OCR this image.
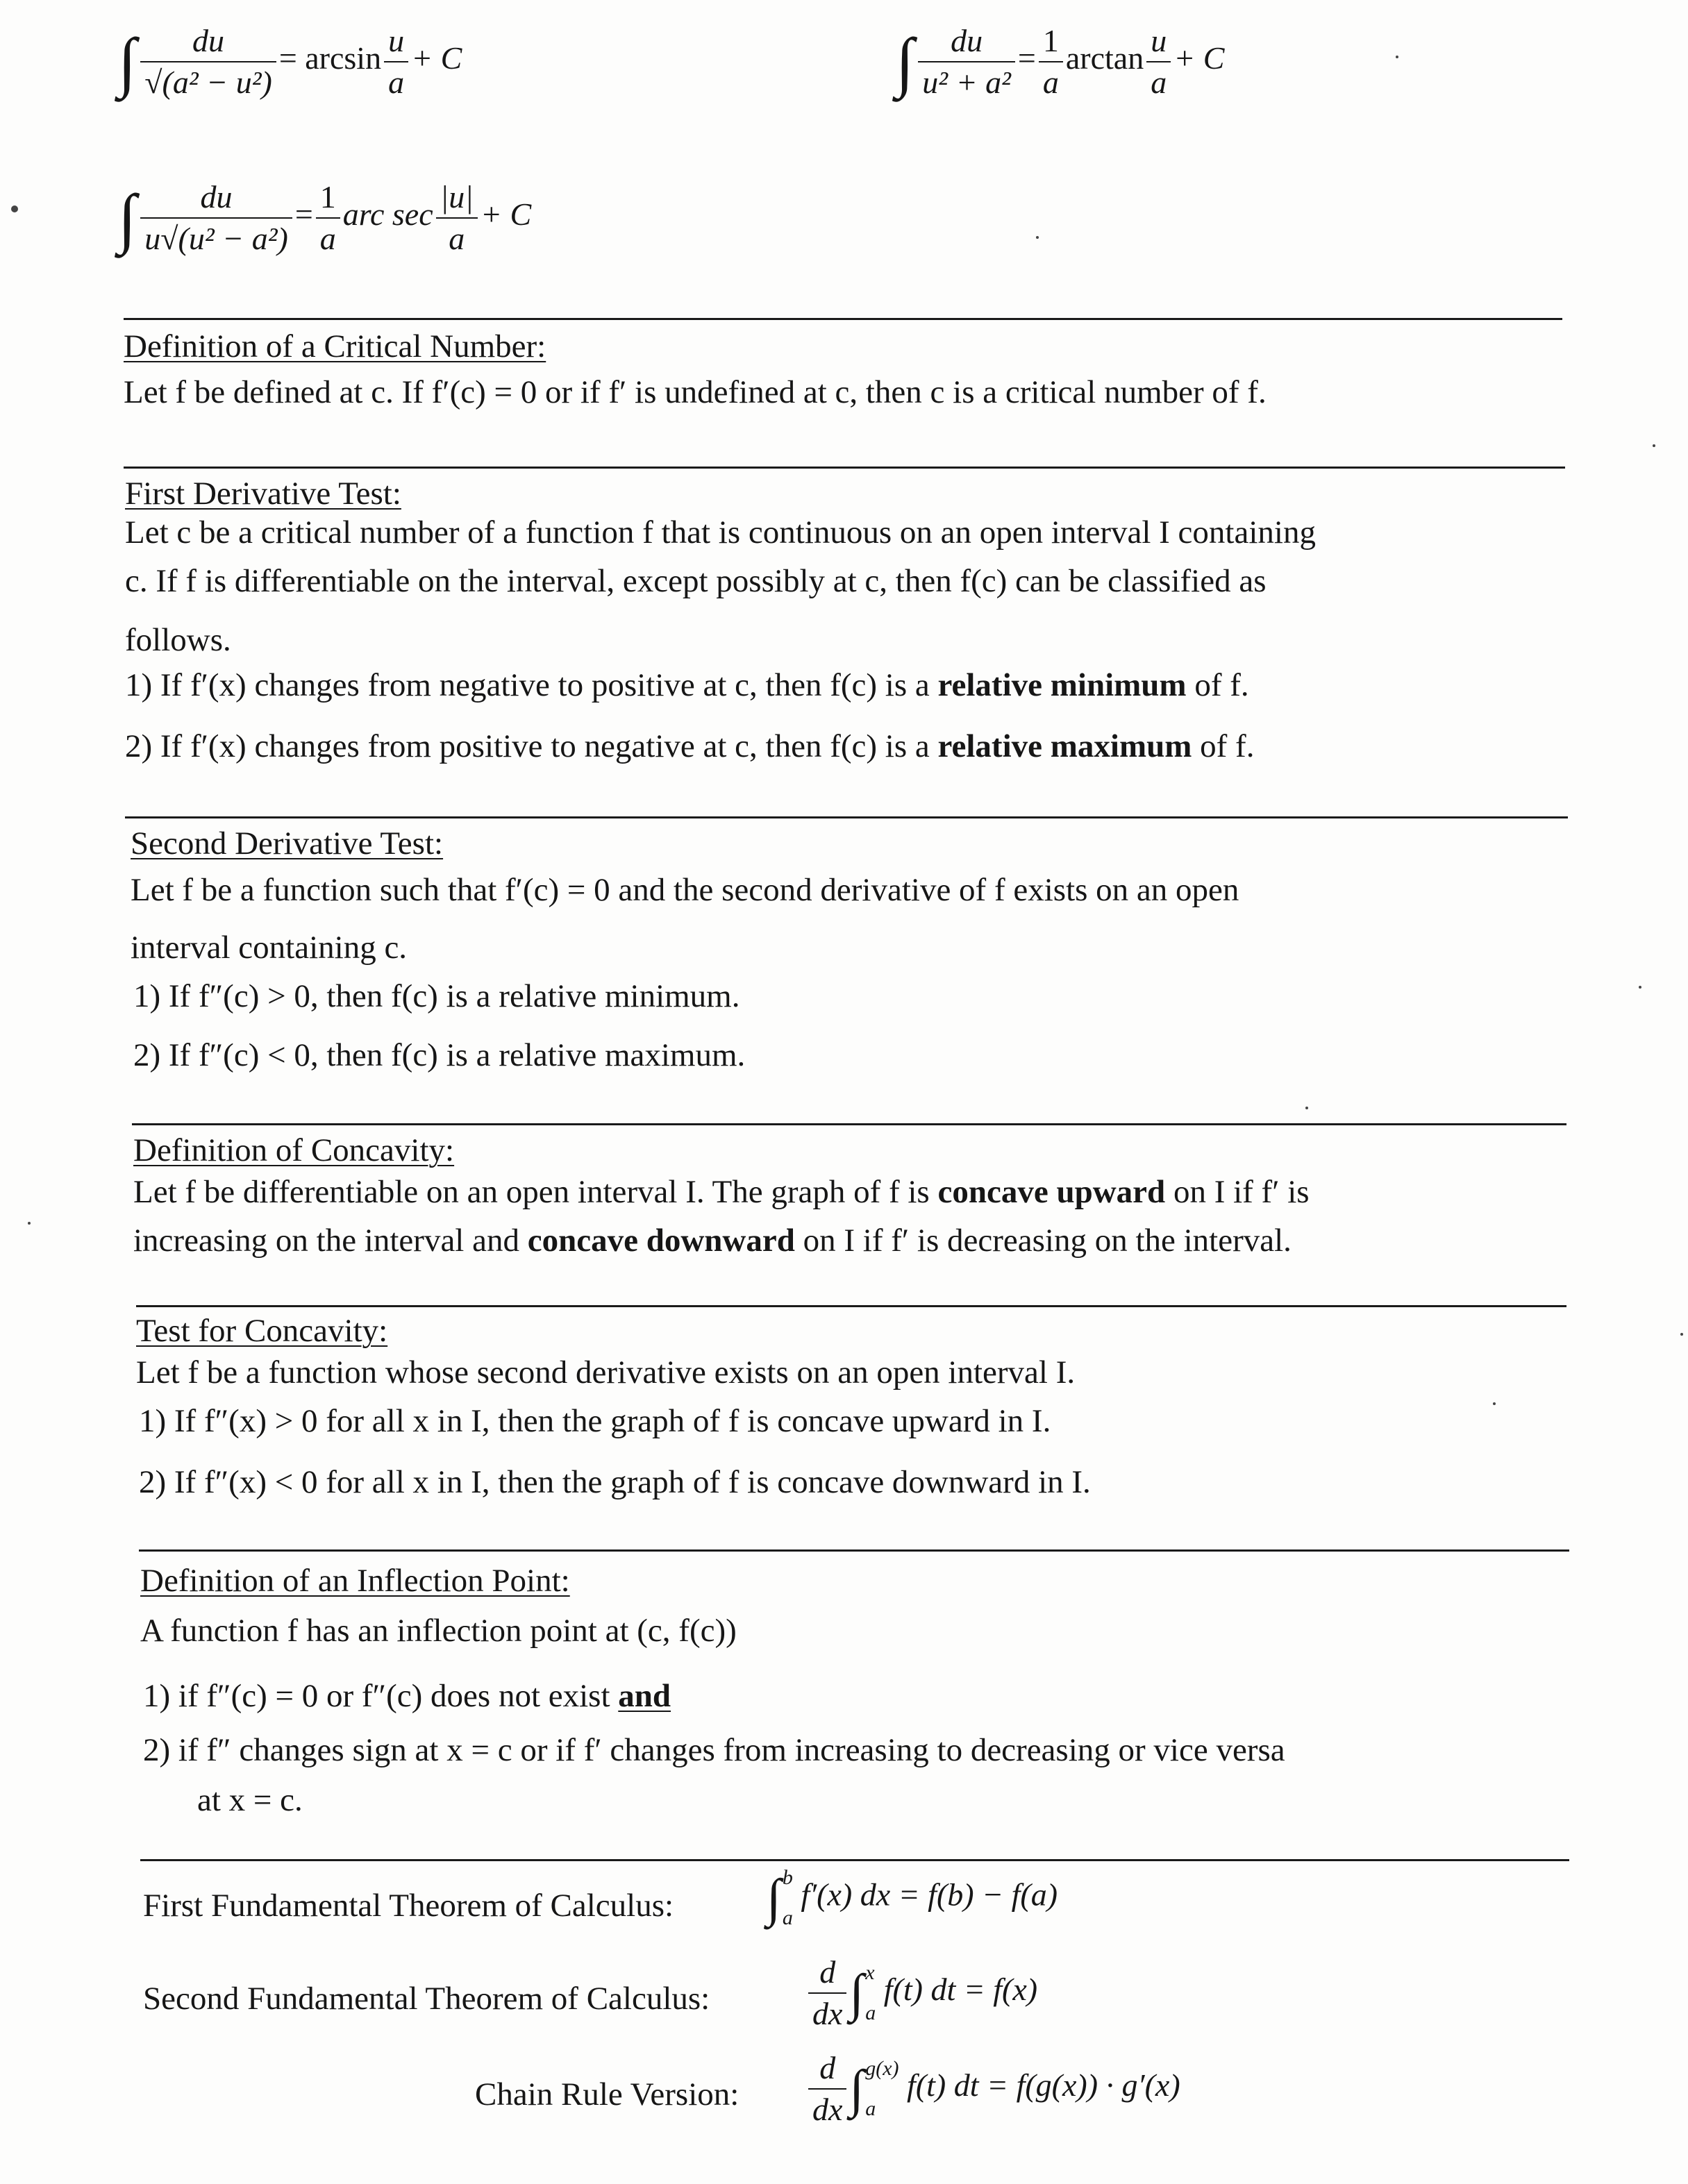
∫ $\frac{du}{\text{√(a² − u²)}} = \arcsin \frac{u}{a} + C$	∫ $\frac{du}{\text{u² + a²}} = \frac{1}{a}$ $\arctan \frac{u}{a} + C$
∫ $\frac{du}{\text{u√(u² − a²)}} = \frac{1}{a}$ arc $\sec \frac{|u|}{a} + C$
Definition of a Critical Number:
Let f be defined at c. If f′(c) = 0 or if f′ is undefined at c, then c is a critical number of f.
First Derivative Test:
Let c be a critical number of a function f that is continuous on an open interval I containing
c. If f is differentiable on the interval, except possibly at c, then f(c) can be classified as
follows.
1) If f′(x) changes from negative to positive at c, then f(c) is a relative minimum of f.
2) If f′(x) changes from positive to negative at c, then f(c) is a relative maximum of f.
Second Derivative Test:
Let f be a function such that f′(c) = 0 and the second derivative of f exists on an open
interval containing c.
1) If f″(c) > 0, then f(c) is a relative minimum.
2) If f″(c) < 0, then f(c) is a relative maximum.
Definition of Concavity:
Let f be differentiable on an open interval I. The graph of f is concave upward on I if f′ is
increasing on the interval and concave downward on I if f′ is decreasing on the interval.
Test for Concavity:
Let f be a function whose second derivative exists on an open interval I.
1) If f″(x) > 0 for all x in I, then the graph of f is concave upward in I.
2) If f″(x) < 0 for all x in I, then the graph of f is concave downward in I.
Definition of an Inflection Point:
A function f has an inflection point at (c, f(c))
1) if f″(c) = 0 or f″(c) does not exist and
2) if f″ changes sign at x = c or if f′ changes from increasing to decreasing or vice versa
at x = c.
First Fundamental Theorem of Calculus: ∫ b
a
f′(x) dx = f(b) − f(a)
Second Fundamental Theorem of Calculus:	$\frac{d}{dx}$ ∫ x
a
f(t) dt = f(x)
Chain Rule Version: $\frac{d}{dx}$ ∫ g(x)
a
f(t) dt = f(g(x)) · g′(x)
